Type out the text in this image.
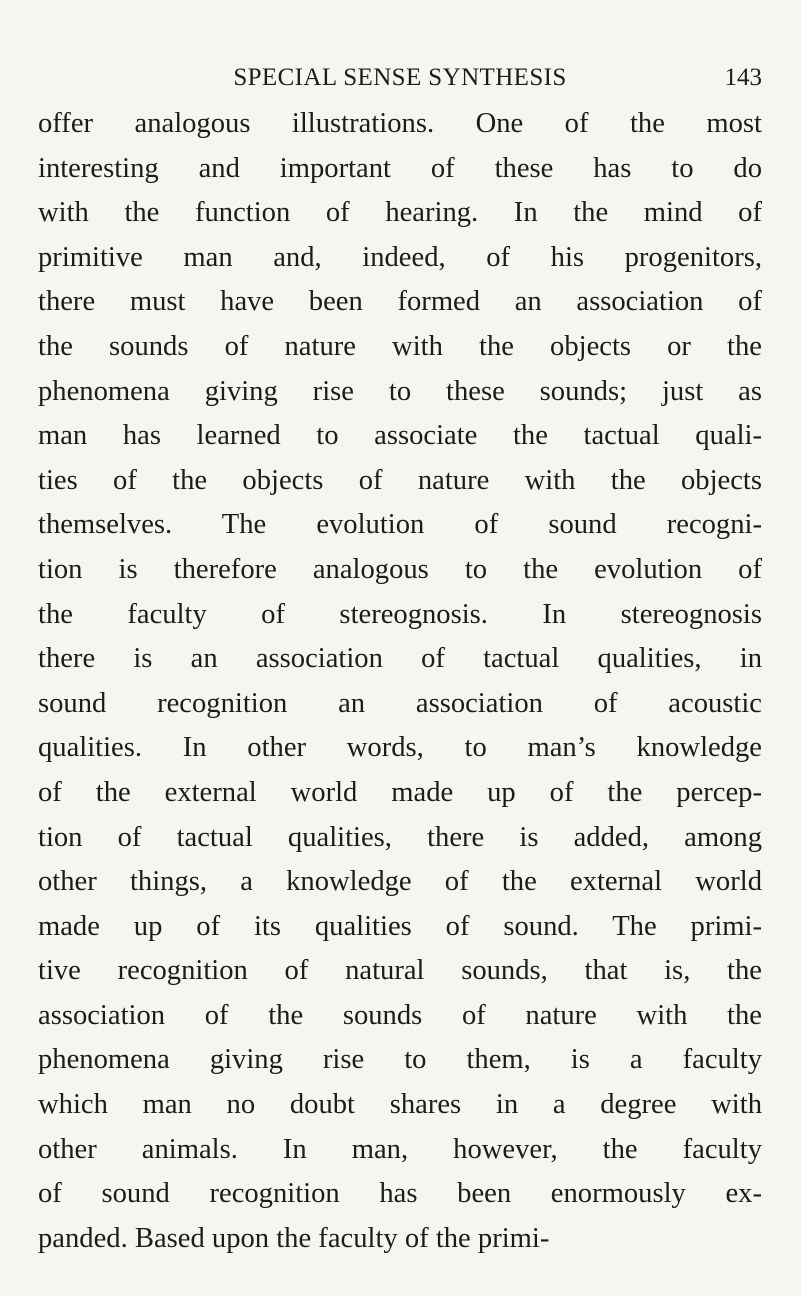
SPECIAL SENSE SYNTHESIS	143
offer analogous illustrations. One of the most
interesting and important of these has to do
with the function of hearing. In the mind of
primitive man and, indeed, of his progenitors,
there must have been formed an association of
the sounds of nature with the objects or the
phenomena giving rise to these sounds; just as
man has learned to associate the tactual quali-
ties of the objects of nature with the objects
themselves. The evolution of sound recogni-
tion is therefore analogous to the evolution of
the faculty of stereognosis. In stereognosis
there is an association of tactual qualities, in
sound recognition an association of acoustic
qualities. In other words, to man’s knowledge
of the external world made up of the percep-
tion of tactual qualities, there is added, among
other things, a knowledge of the external world
made up of its qualities of sound. The primi-
tive recognition of natural sounds, that is, the
association of the sounds of nature with the
phenomena giving rise to them, is a faculty
which man no doubt shares in a degree with
other animals. In man, however, the faculty
of sound recognition has been enormously ex-
panded. Based upon the faculty of the primi-
